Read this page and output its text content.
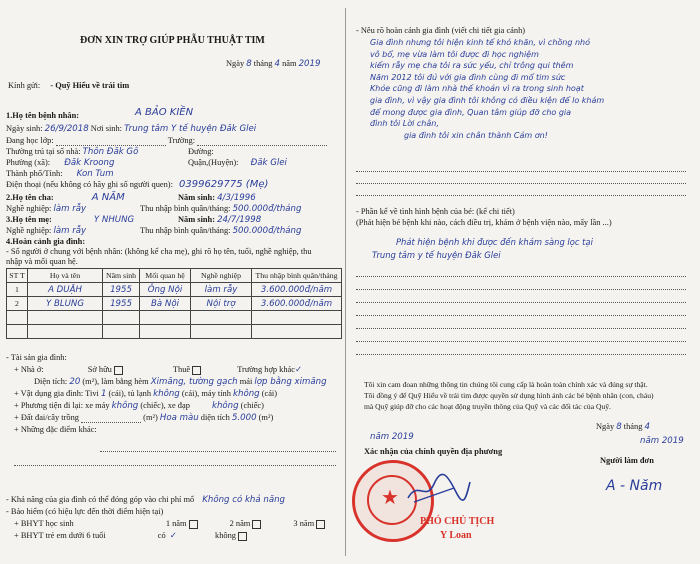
ĐƠN XIN TRỢ GIÚP PHẪU THUẬT TIM
Ngày 8 tháng 4 năm 2019
Kính gửi: - Quỹ Hiểu về trái tim
1.Họ tên bệnh nhân:	A BẢO KIỀN
Ngày sinh: 26/9/2018 Nơi sinh: Trung tâm Y tế huyện Đăk Glei
Đang học lớp:	Trường:
Thường trú tại số nhà: Thôn Đăk Gô	Đường:
Phường (xã): Đăk Kroong	Quận,(Huyện): Đăk Glei
Thành phố/Tỉnh: Kon Tum
Điện thoại (nếu không có hãy ghi số người quen): 0399629775 (Mẹ)
2.Họ tên cha:	A NĂM	Năm sinh: 4/3/1996
Nghề nghiệp: làm rẫy	Thu nhập bình quân/tháng: 500.000đ/tháng
3.Họ tên mẹ:	Y NHUNG	Năm sinh: 24/7/1998
Nghề nghiệp: làm rẫy	Thu nhập bình quân/tháng: 500.000đ/tháng
4.Hoàn cảnh gia đình:
- Số người ở chung với bệnh nhân: (không kể cha mẹ), ghi rõ họ tên, tuổi, nghề nghiệp, thu
nhập và mối quan hệ.
ST T	Họ và tên	Năm sinh	Mối quan hệ	Nghề nghiệp	Thu nhập bình quân/tháng
1	A DUẬH	1955	Ông Nội	làm rẫy	3.600.000đ/năm
2	Y BLUNG	1955	Bà Nội	Nội trợ	3.600.000đ/năm

- Tài sản gia đình:
+ Nhà ở:	Sở hữu	Thuê	Trường hợp khác✓
Diện tích: 20 (m²), làm bằng hèm Ximăng, tường gạch mái lợp bằng ximăng
+ Vật dụng gia đình: Tivi 1 (cái), tủ lạnh không (cái), máy tính không (cái)
+ Phương tiện đi lại: xe máy không (chiếc), xe đạp	không (chiếc)
+ Đất đai/cây trồng	(m²) Hoa màu diện tích 5.000 (m²)
+ Những đặc điểm khác:
- Khả năng của gia đình có thể đóng góp vào chi phí mổ Không có khả năng
- Bảo hiểm (có hiệu lực đến thời điểm hiện tại)
+ BHYT học sinh	1 năm	2 năm	3 năm
+ BHYT trẻ em dưới 6 tuổi	có ✓	không
- Nêu rõ hoàn cảnh gia đình (viết chi tiết gia cảnh)
Gia đình nhưng tôi hiện kinh tế khó khăn, vì chồng nhỏ
vô bổ, mẹ vừa làm tôi được đi học nghiệm
kiếm rẫy mẹ cha tôi ra sức yếu, chỉ trông qui thêm
Năm 2012 tôi đủ với gia đình cùng đi mổ tim sức
Khỏe cũng đi làm nhà thế khoản vì ra trong sinh hoạt
gia đình, vì vậy gia đình tôi không có điều kiện để lo khám
để mong được gia đình, Quan tâm giúp đỡ cho gia
đình tôi Lời chân,
gia đình tôi xin chân thành Cảm ơn!
- Phần kể về tình hình bệnh của bé: (kể chi tiết)
(Phát hiện bé bệnh khi nào, cách điều trị, khám ở bệnh viện nào, mấy lần ...)
Phát hiện bệnh khi được đến khám sàng lọc tại
Trung tâm y tế huyện Đăk Glei
Tôi xin cam đoan những thông tin chúng tôi cung cấp là hoàn toàn chính xác và đúng sự thật.
Tôi đồng ý để Quỹ Hiểu về trái tim được quyền sử dụng hình ảnh các bé bệnh nhân (con, cháu)
mà Quỹ giúp đỡ cho các hoạt động truyền thông của Quỹ và các đối tác của Quỹ.
Ngày 8 tháng 4
năm 2019
Người làm đơn
A - Năm
năm 2019
Xác nhận của chính quyền địa phương
★
PHÓ CHỦ TỊCH
Y Loan
